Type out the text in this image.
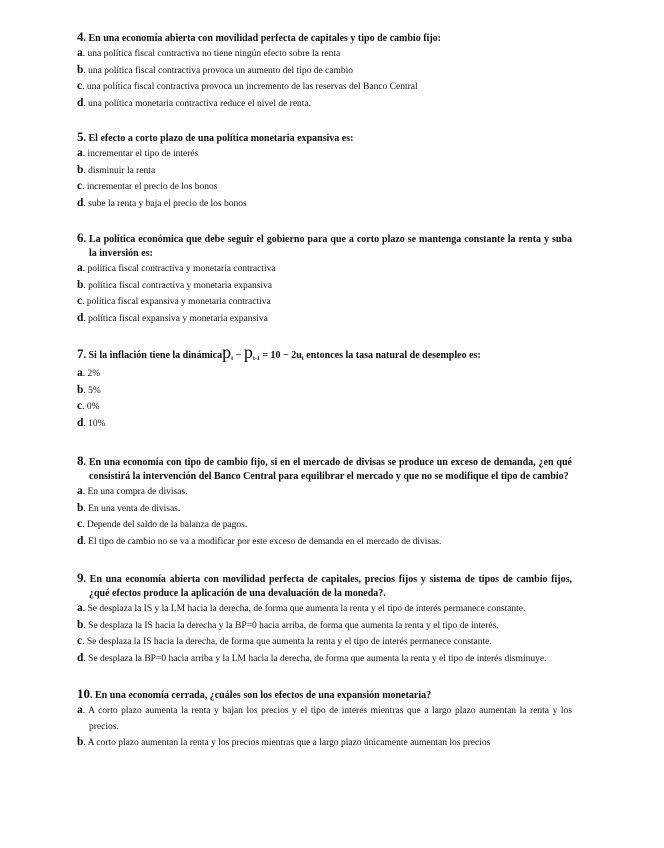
4. En una economía abierta con movilidad perfecta de capitales y tipo de cambio fijo:
a. una política fiscal contractiva no tiene ningún efecto sobre la renta
b. una política fiscal contractiva provoca un aumento del tipo de cambio
c. una política fiscal contractiva provoca un incremento de las reservas del Banco Central
d. una política monetaria contractiva reduce el nivel de renta.
5. El efecto a corto plazo de una política monetaria expansiva es:
a. incrementar el tipo de interés
b. disminuir la renta
c. incrementar el precio de los bonos
d. sube la renta y baja el precio de los bonos
6. La política económica que debe seguir el gobierno para que a corto plazo se mantenga constante la renta y suba la inversión es:
a. política fiscal contractiva y monetaria contractiva
b. política fiscal contractiva y monetaria expansiva
c. política fiscal expansiva y monetaria contractiva
d. política fiscal expansiva y monetaria expansiva
7. Si la inflación tiene la dinámicap$_t$ − $p_{t-1} = 10 - 2u_t$ entonces la tasa natural de desempleo es:
a. 2%
b. 5%
c. 0%
d. 10%
8. En una economía con tipo de cambio fijo, si en el mercado de divisas se produce un exceso de demanda, ¿en qué consistirá la intervención del Banco Central para equilibrar el mercado y que no se modifique el tipo de cambio?
a. En una compra de divisas.
b. En una venta de divisas.
c. Depende del saldo de la balanza de pagos.
d. El tipo de cambio no se va a modificar por este exceso de demanda en el mercado de divisas.
9. En una economía abierta con movilidad perfecta de capitales, precios fijos y sistema de tipos de cambio fijos, ¿qué efectos produce la aplicación de una devaluación de la moneda?.
a. Se desplaza la IS y la LM hacia la derecha, de forma que aumenta la renta y el tipo de interés permanece constante.
b. Se desplaza la IS hacia la derecha y la BP=0 hacia arriba, de forma que aumenta la renta y el tipo de interés.
c. Se desplaza la IS hacia la derecha, de forma que aumenta la renta y el tipo de interés permanece constante.
d. Se desplaza la BP=0 hacia arriba y la LM hacia la derecha, de forma que aumenta la renta y el tipo de interés disminuye.
10. En una economía cerrada, ¿cuáles son los efectos de una expansión monetaria?
a. A corto plazo aumenta la renta y bajan los precios y el tipo de interés mientras que a largo plazo aumentan la renta y los precios.
b. A corto plazo aumentan la renta y los precios mientras que a largo plazo únicamente aumentan los precios
